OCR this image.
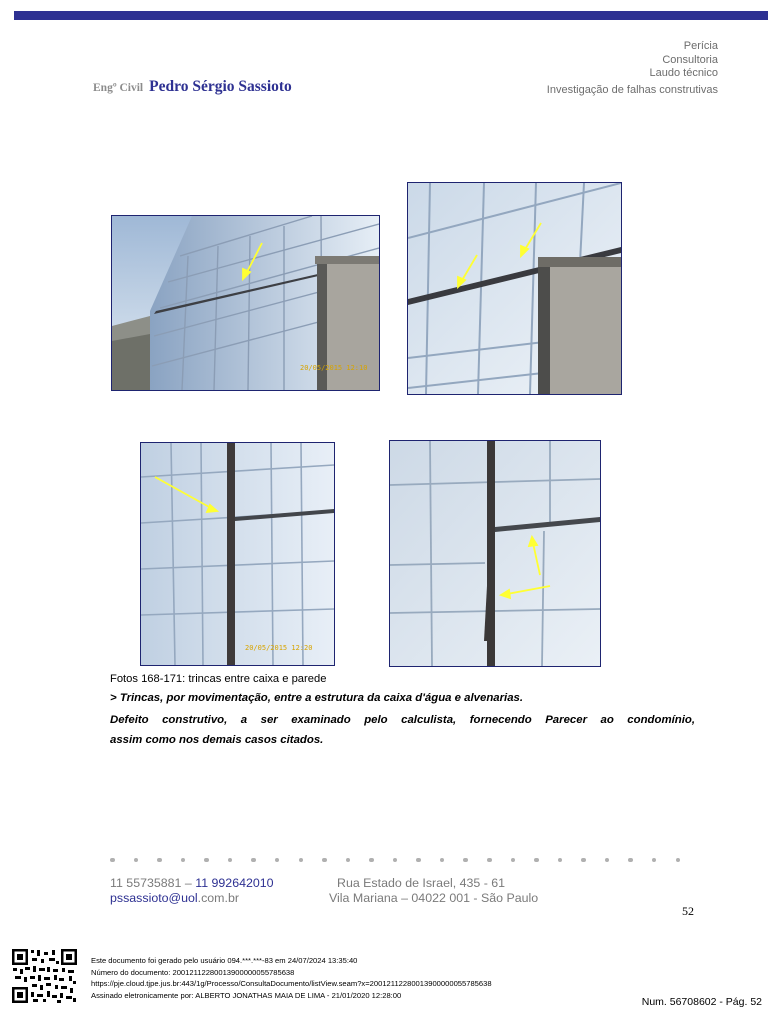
Perícia
Consultoria
Laudo técnico
Investigação de falhas construtivas
Engº Civil Pedro Sérgio Sassioto
20/05/2015 12:10
20/05/2015 12:20
Fotos 168-171: trincas entre caixa e parede
> Trincas, por movimentação, entre a estrutura da caixa d'água e alvenarias.
Defeito construtivo, a ser examinado pelo calculista, fornecendo Parecer ao condomínio,
assim como nos demais casos citados.
11 55735881 – 11 992642010
pssassioto@uol.com.br
Rua Estado de Israel, 435 - 61
Vila Mariana – 04022 001 - São Paulo
52
Este documento foi gerado pelo usuário 094.***.***-83 em 24/07/2024 13:35:40
Número do documento: 20012112280013900000055785638
https://pje.cloud.tjpe.jus.br:443/1g/Processo/ConsultaDocumento/listView.seam?x=20012112280013900000055785638
Assinado eletronicamente por: ALBERTO JONATHAS MAIA DE LIMA - 21/01/2020 12:28:00
Num. 56708602 - Pág. 52
